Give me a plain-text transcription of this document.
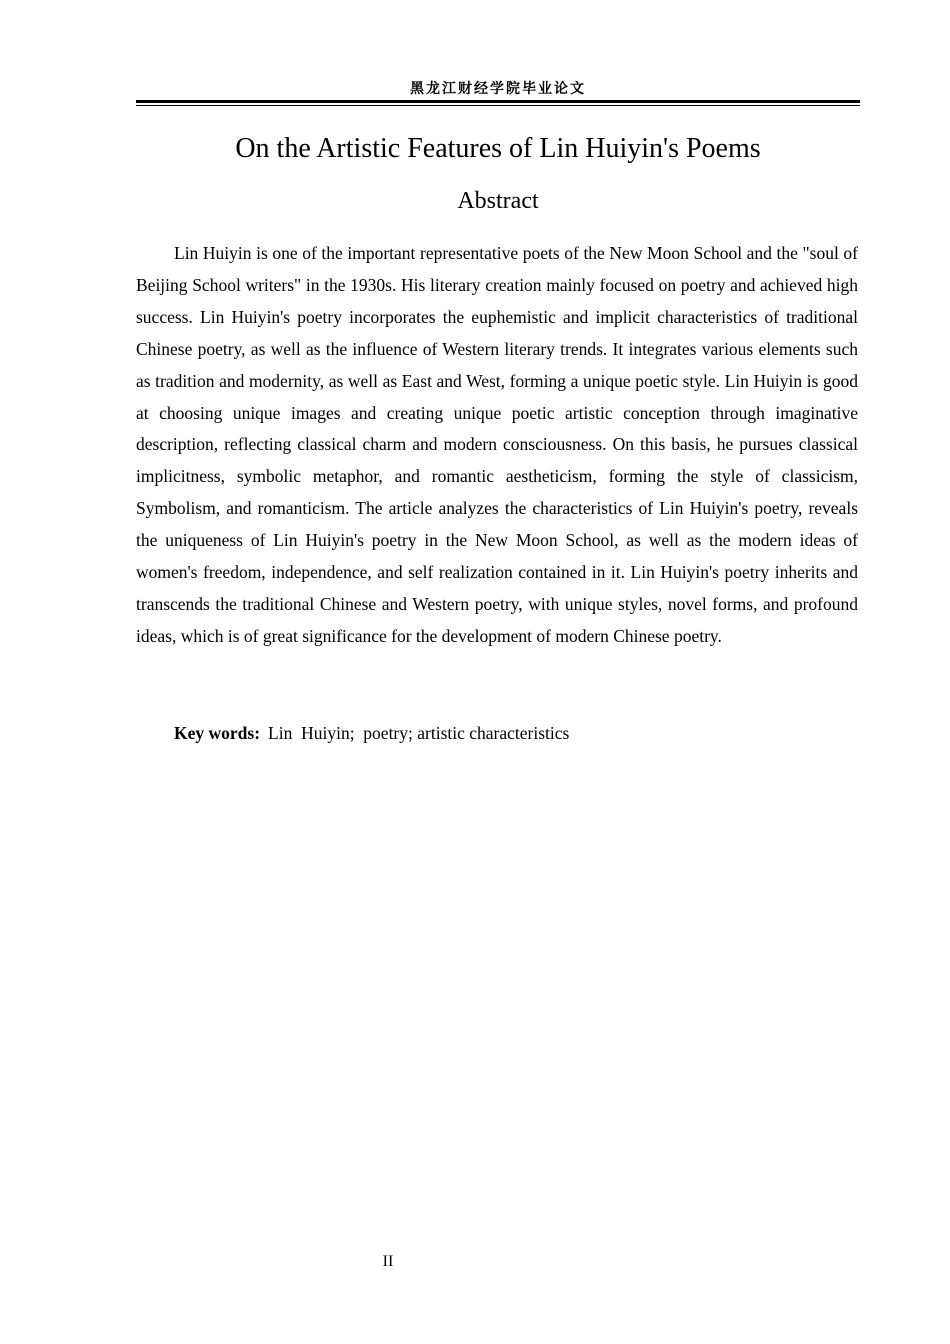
黑龙江财经学院毕业论文
On the Artistic Features of Lin Huiyin's Poems
Abstract

Lin Huiyin is one of the important representative poets of the New Moon School and the "soul of Beijing School writers" in the 1930s. His literary creation mainly focused on poetry and achieved high success. Lin Huiyin's poetry incorporates the euphemistic and implicit characteristics of traditional Chinese poetry, as well as the influence of Western literary trends. It integrates various elements such as tradition and modernity, as well as East and West, forming a unique poetic style. Lin Huiyin is good at choosing unique images and creating unique poetic artistic conception through imaginative description, reflecting classical charm and modern consciousness. On this basis, he pursues classical implicitness, symbolic metaphor, and romantic aestheticism, forming the style of classicism, Symbolism, and romanticism. The article analyzes the characteristics of Lin Huiyin's poetry, reveals the uniqueness of Lin Huiyin's poetry in the New Moon School, as well as the modern ideas of women's freedom, independence, and self realization contained in it. Lin Huiyin's poetry inherits and transcends the traditional Chinese and Western poetry, with unique styles, novel forms, and profound ideas, which is of great significance for the development of modern Chinese poetry.

Key words: Lin  Huiyin;  poetry; artistic characteristics

II
